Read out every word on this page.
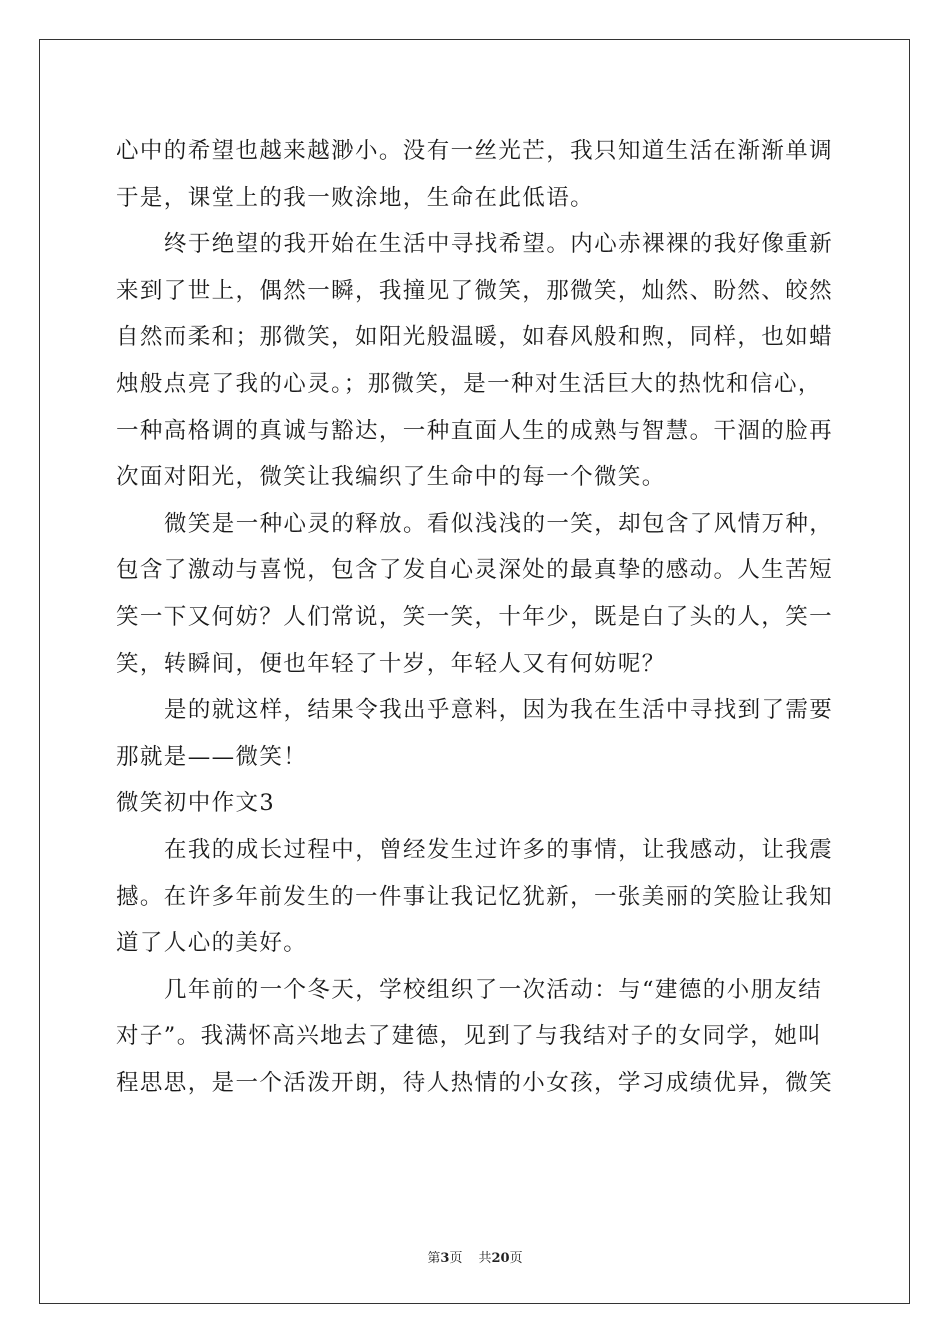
心中的希望也越来越渺小。没有一丝光芒，我只知道生活在渐渐单调
于是，课堂上的我一败涂地，生命在此低语。
终于绝望的我开始在生活中寻找希望。内心赤裸裸的我好像重新
来到了世上，偶然一瞬，我撞见了微笑，那微笑，灿然、盼然、皎然
自然而柔和；那微笑，如阳光般温暖，如春风般和煦，同样，也如蜡
烛般点亮了我的心灵。；那微笑，是一种对生活巨大的热忱和信心，
一种高格调的真诚与豁达，一种直面人生的成熟与智慧。干涸的脸再
次面对阳光，微笑让我编织了生命中的每一个微笑。
微笑是一种心灵的释放。看似浅浅的一笑，却包含了风情万种，
包含了激动与喜悦，包含了发自心灵深处的最真挚的感动。人生苦短
笑一下又何妨？人们常说，笑一笑，十年少，既是白了头的人，笑一
笑，转瞬间，便也年轻了十岁，年轻人又有何妨呢？
是的就这样，结果令我出乎意料，因为我在生活中寻找到了需要
那就是——微笑！
微笑初中作文3
在我的成长过程中，曾经发生过许多的事情，让我感动，让我震
撼。在许多年前发生的一件事让我记忆犹新，一张美丽的笑脸让我知
道了人心的美好。
几年前的一个冬天，学校组织了一次活动：与“建德的小朋友结
对子”。我满怀高兴地去了建德，见到了与我结对子的女同学，她叫
程思思，是一个活泼开朗，待人热情的小女孩，学习成绩优异，微笑
第3页 共20页
